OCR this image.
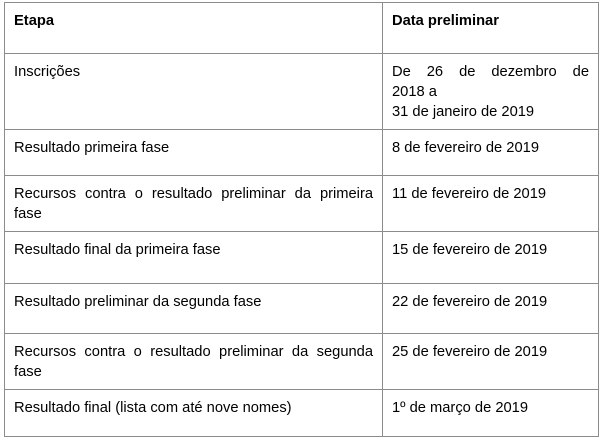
Etapa	Data preliminar

Inscrições	De 26 de dezembro de
2018 a
31 de janeiro de 2019

Resultado primeira fase	8 de fevereiro de 2019

Recursos contra o resultado preliminar da primeira fase	11 de fevereiro de 2019

Resultado final da primeira fase	15 de fevereiro de 2019

Resultado preliminar da segunda fase	22 de fevereiro de 2019

Recursos contra o resultado preliminar da segunda fase	25 de fevereiro de 2019

Resultado final (lista com até nove nomes)	1º de março de 2019
